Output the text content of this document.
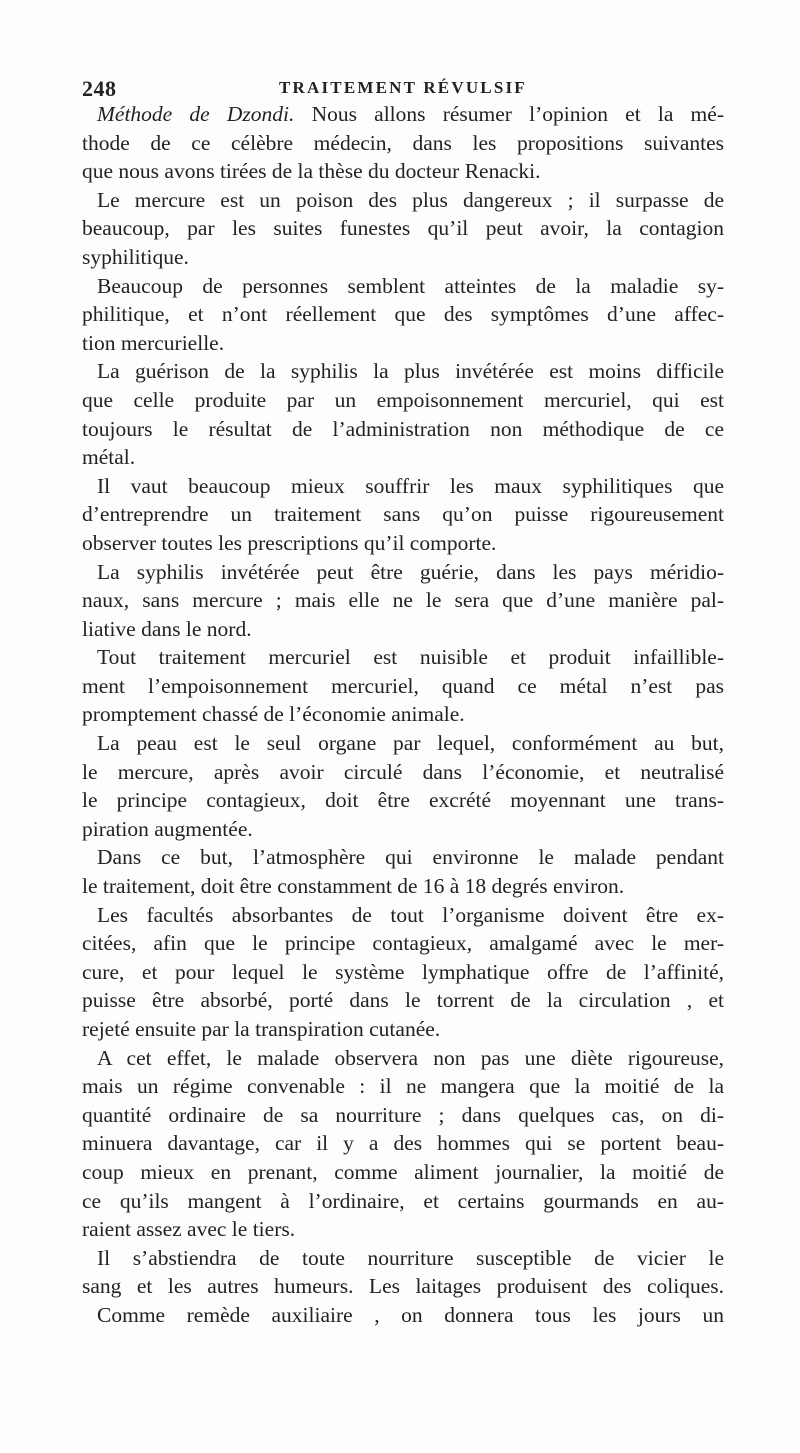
248	TRAITEMENT RÉVULSIF
Méthode de Dzondi. Nous allons résumer l’opinion et la mé-
thode de ce célèbre médecin, dans les propositions suivantes
que nous avons tirées de la thèse du docteur Renacki.
Le mercure est un poison des plus dangereux ; il surpasse de
beaucoup, par les suites funestes qu’il peut avoir, la contagion
syphilitique.
Beaucoup de personnes semblent atteintes de la maladie sy-
philitique, et n’ont réellement que des symptômes d’une affec-
tion mercurielle.
La guérison de la syphilis la plus invétérée est moins difficile
que celle produite par un empoisonnement mercuriel, qui est
toujours le résultat de l’administration non méthodique de ce
métal.
Il vaut beaucoup mieux souffrir les maux syphilitiques que
d’entreprendre un traitement sans qu’on puisse rigoureusement
observer toutes les prescriptions qu’il comporte.
La syphilis invétérée peut être guérie, dans les pays méridio-
naux, sans mercure ; mais elle ne le sera que d’une manière pal-
liative dans le nord.
Tout traitement mercuriel est nuisible et produit infaillible-
ment l’empoisonnement mercuriel, quand ce métal n’est pas
promptement chassé de l’économie animale.
La peau est le seul organe par lequel, conformément au but,
le mercure, après avoir circulé dans l’économie, et neutralisé
le principe contagieux, doit être excrété moyennant une trans-
piration augmentée.
Dans ce but, l’atmosphère qui environne le malade pendant
le traitement, doit être constamment de 16 à 18 degrés environ.
Les facultés absorbantes de tout l’organisme doivent être ex-
citées, afin que le principe contagieux, amalgamé avec le mer-
cure, et pour lequel le système lymphatique offre de l’affinité,
puisse être absorbé, porté dans le torrent de la circulation , et
rejeté ensuite par la transpiration cutanée.
A cet effet, le malade observera non pas une diète rigoureuse,
mais un régime convenable : il ne mangera que la moitié de la
quantité ordinaire de sa nourriture ; dans quelques cas, on di-
minuera davantage, car il y a des hommes qui se portent beau-
coup mieux en prenant, comme aliment journalier, la moitié de
ce qu’ils mangent à l’ordinaire, et certains gourmands en au-
raient assez avec le tiers.
Il s’abstiendra de toute nourriture susceptible de vicier le
sang et les autres humeurs. Les laitages produisent des coliques.
Comme remède auxiliaire , on donnera tous les jours un
